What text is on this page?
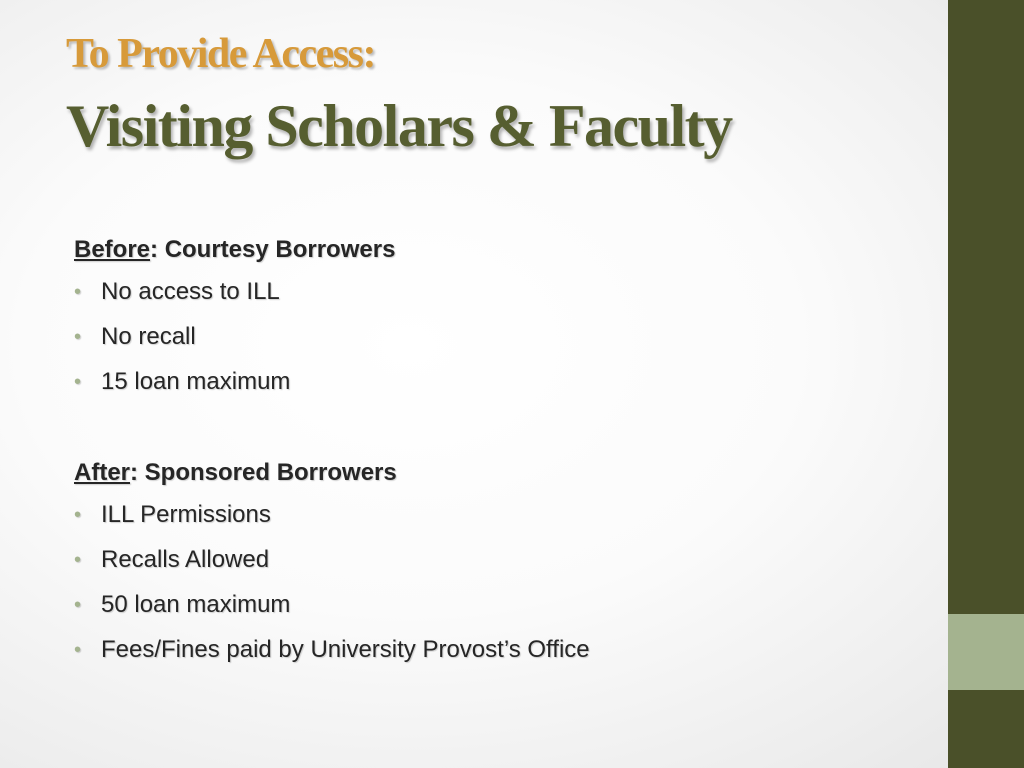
To Provide Access:
Visiting Scholars & Faculty
Before: Courtesy Borrowers
• No access to ILL
• No recall
• 15 loan maximum
After: Sponsored Borrowers
• ILL Permissions
• Recalls Allowed
• 50 loan maximum
• Fees/Fines paid by University Provost’s Office
